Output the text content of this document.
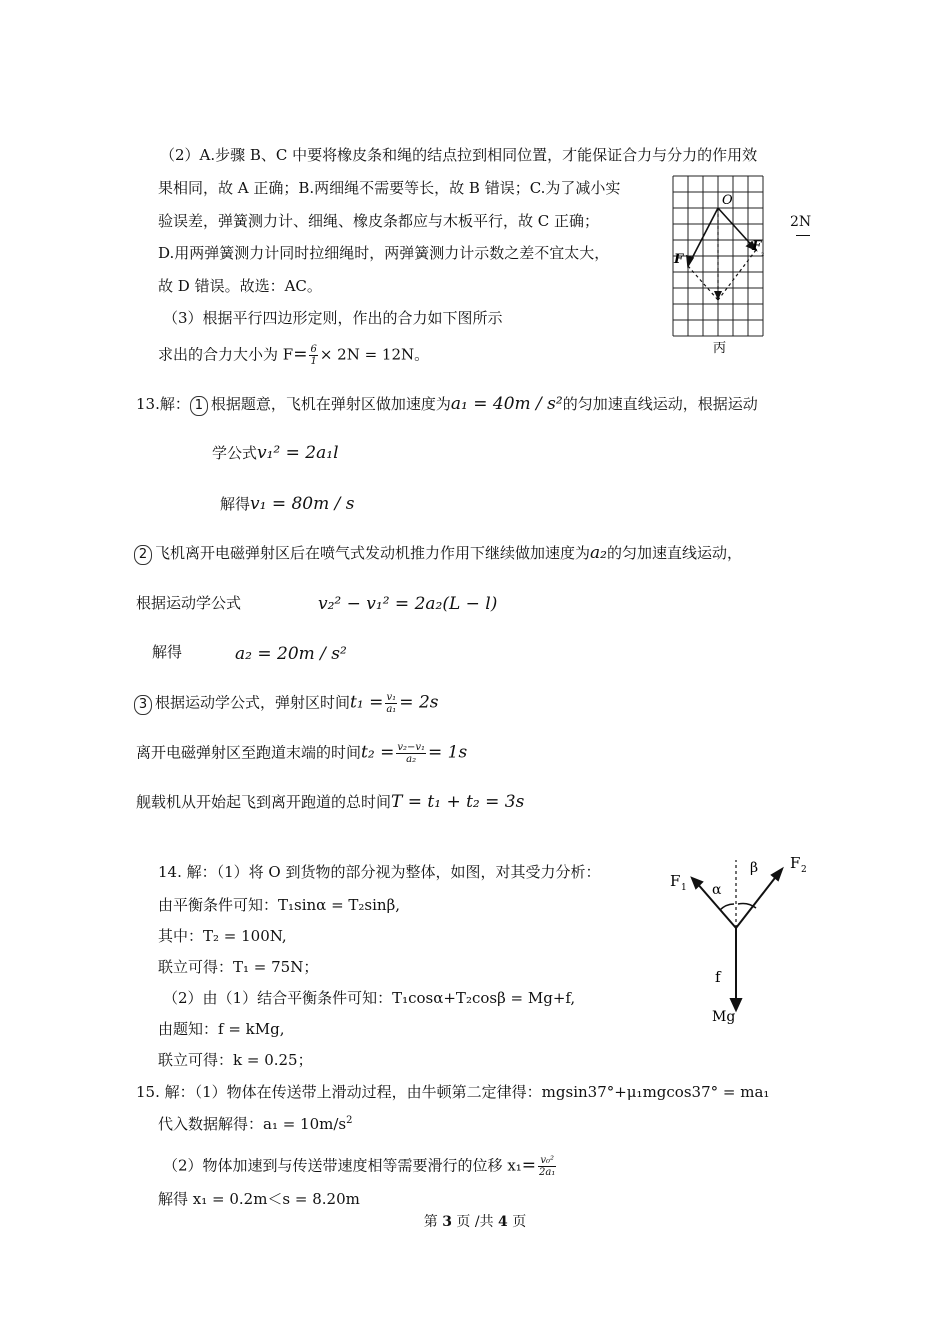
（2）A.步骤 B、C 中要将橡皮条和绳的结点拉到相同位置，才能保证合力与分力的作用效
果相同，故 A 正确；B.两细绳不需要等长，故 B 错误；C.为了减小实
验误差，弹簧测力计、细绳、橡皮条都应与木板平行，故 C 正确；
D.用两弹簧测力计同时拉细绳时，两弹簧测力计示数之差不宜太大，
故 D 错误。故选：AC。
（3）根据平行四边形定则，作出的合力如下图所示
求出的合力大小为 $F= \frac{6}{1} \times 2N = 12N$。
O
F
F ₂
丙
2N
13.解： 1 根据题意，飞机在弹射区做加速度为a₁ = 40m / s²的匀加速直线运动，根据运动
学公式v₁² = 2a₁l
解得v₁ = 80m / s
2 飞机离开电磁弹射区后在喷气式发动机推力作用下继续做加速度为a₂的匀加速直线运动，
根据运动学公式	v₂² − v₁² = 2a₂(L − l)
解得	a₂ = 20m / s²
3 根据运动学公式，弹射区时间$t_1 = \frac{\text{v₁}}{\text{a₁}} = 2s$
离开电磁弹射区至跑道末端的时间$t_2 = \frac{\text{v₂−v₁}}{\text{a₂}} = 1s$
舰载机从开始起飞到离开跑道的总时间T = t₁ + t₂ = 3s
14. 解：（1）将 O 到货物的部分视为整体，如图，对其受力分析：
由平衡条件可知：T₁sinα = T₂sinβ,
其中：T₂ = 100N,
联立可得：T₁ = 75N；
（2）由（1）结合平衡条件可知：T₁cosα+T₂cosβ = Mg+f,
由题知：f = kMg,
联立可得：k = 0.25；
F 1
F 2
α
β
f
Mg
15. 解：（1）物体在传送带上滑动过程，由牛顿第二定律得：mgsin37°+μ₁mgcos37° = ma₁
代入数据解得：$a_1 = 10m/s^2$
（2）物体加速到与传送带速度相等需要滑行的位移 $x_1= \frac{\text{v₀²}}{\text{2a₁}}$
解得 x₁ = 0.2m＜s = 8.20m
第 3 页 /共 4 页
